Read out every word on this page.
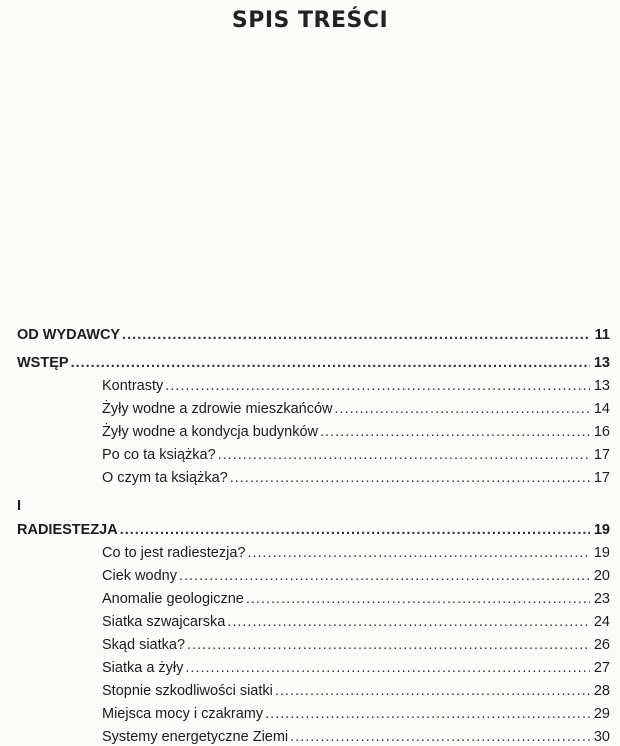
SPIS TREŚCI
OD WYDAWCY .....	11
WSTĘP .....	13
Kontrasty .....	13
Żyły wodne a zdrowie mieszkańców .....	14
Żyły wodne a kondycja budynków .....	16
Po co ta książka? .....	17
O czym ta książka? .....	17
I
RADIESTEZJA .....	19
Co to jest radiestezja? .....	19
Ciek wodny .....	20
Anomalie geologiczne .....	23
Siatka szwajcarska .....	24
Skąd siatka? .....	26
Siatka a żyły .....	27
Stopnie szkodliwości siatki .....	28
Miejsca mocy i czakramy .....	29
Systemy energetyczne Ziemi .....	30
